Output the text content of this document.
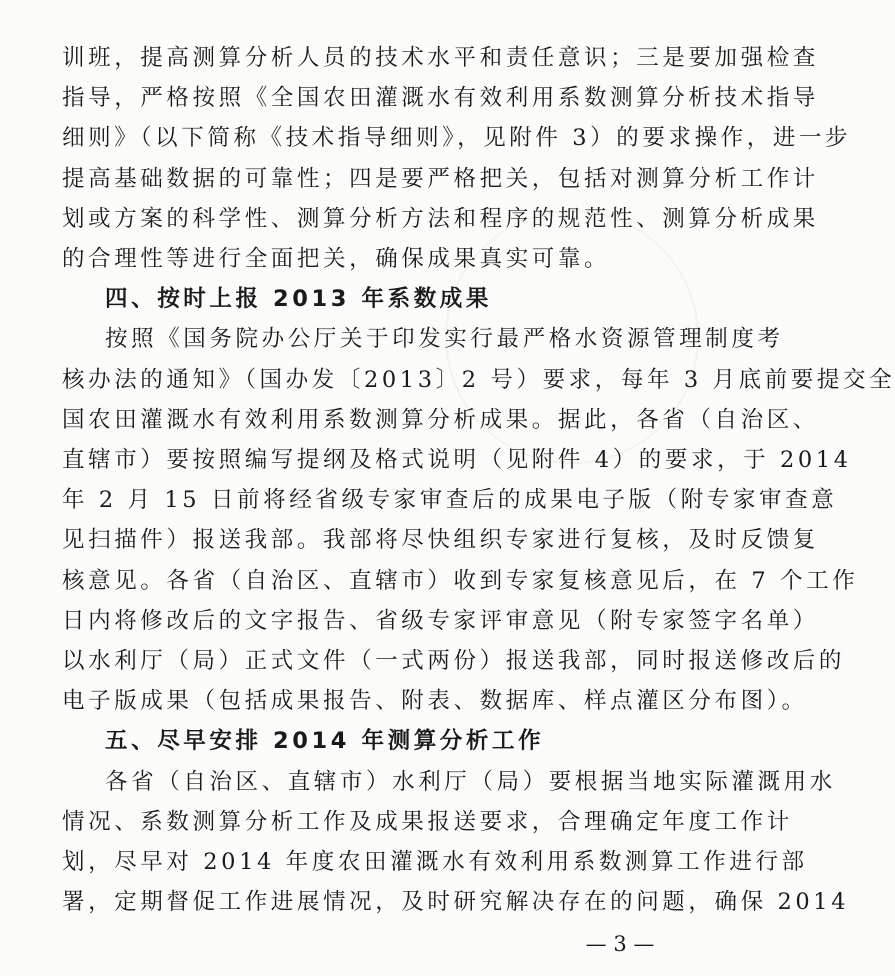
训班，提高测算分析人员的技术水平和责任意识；三是要加强检查
指导，严格按照《全国农田灌溉水有效利用系数测算分析技术指导
细则》（以下简称《技术指导细则》，见附件 3）的要求操作，进一步
提高基础数据的可靠性；四是要严格把关，包括对测算分析工作计
划或方案的科学性、测算分析方法和程序的规范性、测算分析成果
的合理性等进行全面把关，确保成果真实可靠。
四、按时上报 2013 年系数成果
按照《国务院办公厅关于印发实行最严格水资源管理制度考
核办法的通知》（国办发〔2013〕2 号）要求，每年 3 月底前要提交全
国农田灌溉水有效利用系数测算分析成果。据此，各省（自治区、
直辖市）要按照编写提纲及格式说明（见附件 4）的要求，于 2014
年 2 月 15 日前将经省级专家审查后的成果电子版（附专家审查意
见扫描件）报送我部。我部将尽快组织专家进行复核，及时反馈复
核意见。各省（自治区、直辖市）收到专家复核意见后，在 7 个工作
日内将修改后的文字报告、省级专家评审意见（附专家签字名单）
以水利厅（局）正式文件（一式两份）报送我部，同时报送修改后的
电子版成果（包括成果报告、附表、数据库、样点灌区分布图）。
五、尽早安排 2014 年测算分析工作
各省（自治区、直辖市）水利厅（局）要根据当地实际灌溉用水
情况、系数测算分析工作及成果报送要求，合理确定年度工作计
划，尽早对 2014 年度农田灌溉水有效利用系数测算工作进行部
署，定期督促工作进展情况，及时研究解决存在的问题，确保 2014
— 3 —
